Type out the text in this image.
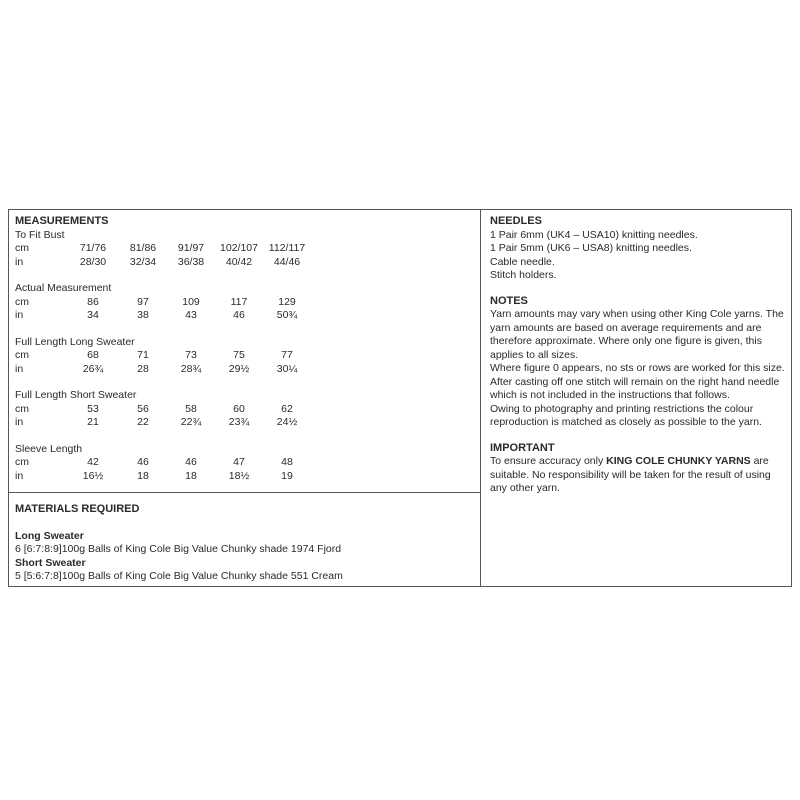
MEASUREMENTS

To Fit Bust

cm	71/76	81/86	91/97	102/107	112/117
in	28/30	32/34	36/38	40/42	44/46

Actual Measurement

cm	86	97	109	117	129
in	34	38	43	46	50¾

Full Length Long Sweater

cm	68	71	73	75	77
in	26¾	28	28¾	29½	30¼

Full Length Short Sweater

cm	53	56	58	60	62
in	21	22	22¾	23¾	24½

Sleeve Length

cm	42	46	46	47	48
in	16½	18	18	18½	19

MATERIALS REQUIRED

Long Sweater

6 [6:7:8:9]100g Balls of King Cole Big Value Chunky shade 1974 Fjord

Short Sweater

5 [5:6:7:8]100g Balls of King Cole Big Value Chunky shade 551 Cream

NEEDLES

1 Pair 6mm (UK4 – USA10) knitting needles.

1 Pair 5mm (UK6 – USA8) knitting needles.

Cable needle.

Stitch holders.

NOTES

Yarn amounts may vary when using other King Cole yarns. The yarn amounts are based on average requirements and are therefore approximate. Where only one figure is given, this applies to all sizes.

Where figure 0 appears, no sts or rows are worked for this size.

After casting off one stitch will remain on the right hand needle which is not included in the instructions that follows.

Owing to photography and printing restrictions the colour reproduction is matched as closely as possible to the yarn.

IMPORTANT

To ensure accuracy only KING COLE CHUNKY YARNS are suitable. No responsibility will be taken for the result of using any other yarn.
